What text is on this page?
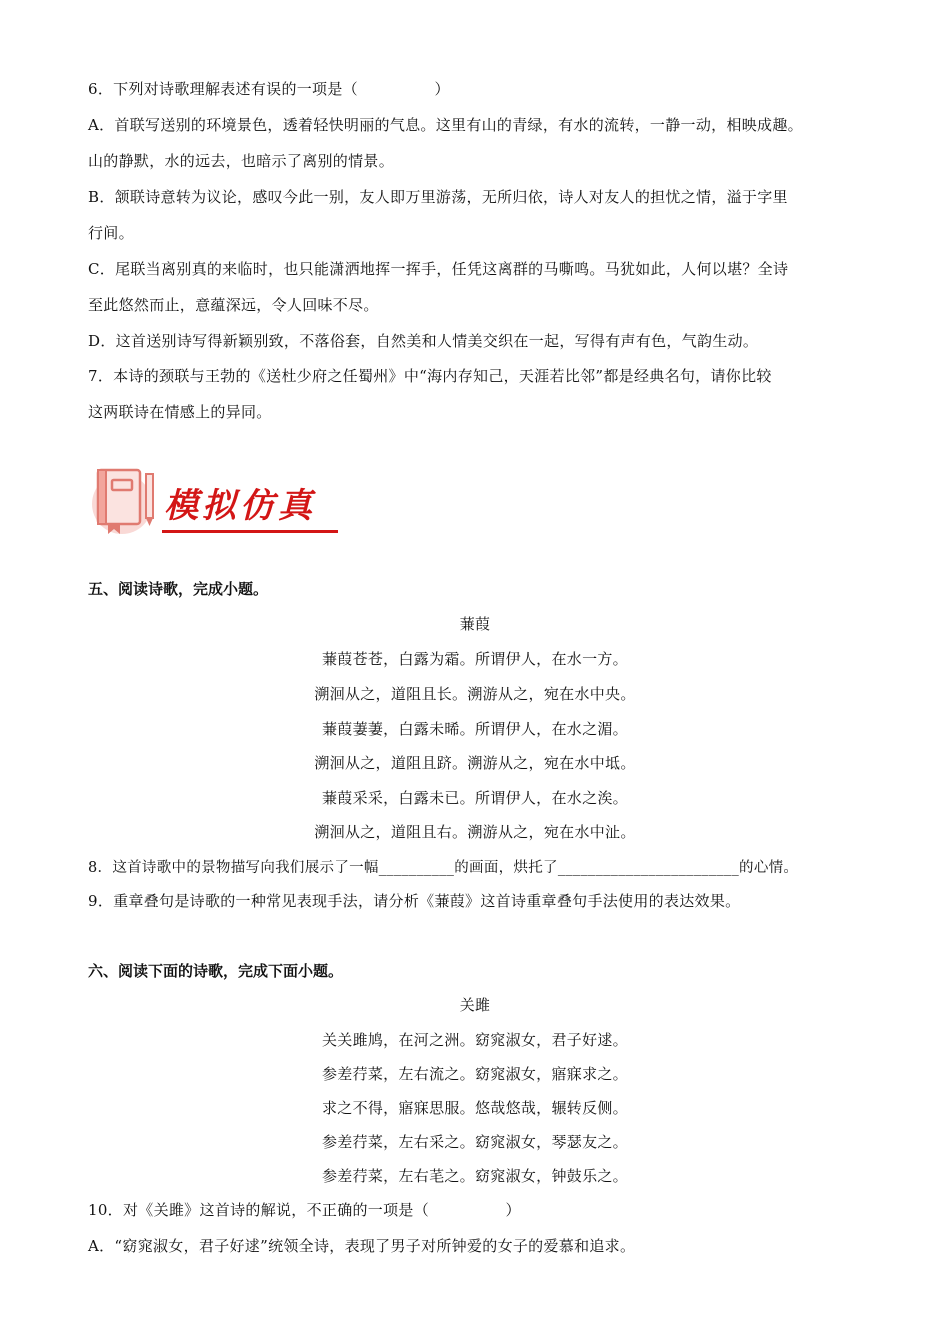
6．下列对诗歌理解表述有误的一项是（　　　　　）
A．首联写送别的环境景色，透着轻快明丽的气息。这里有山的青绿，有水的流转，一静一动，相映成趣。
山的静默，水的远去，也暗示了离别的情景。
B．颔联诗意转为议论，感叹今此一别，友人即万里游荡，无所归依，诗人对友人的担忧之情，溢于字里
行间。
C．尾联当离别真的来临时，也只能潇洒地挥一挥手，任凭这离群的马嘶鸣。马犹如此，人何以堪？全诗
至此悠然而止，意蕴深远，令人回味不尽。
D．这首送别诗写得新颖别致，不落俗套，自然美和人情美交织在一起，写得有声有色，气韵生动。
7．本诗的颈联与王勃的《送杜少府之任蜀州》中“海内存知己，天涯若比邻”都是经典名句，请你比较
这两联诗在情感上的异同。
模拟仿真
五、阅读诗歌，完成小题。
蒹葭
蒹葭苍苍，白露为霜。所谓伊人，在水一方。
溯洄从之，道阻且长。溯游从之，宛在水中央。
蒹葭萋萋，白露未晞。所谓伊人，在水之湄。
溯洄从之，道阻且跻。溯游从之，宛在水中坻。
蒹葭采采，白露未已。所谓伊人，在水之涘。
溯洄从之，道阻且右。溯游从之，宛在水中沚。
8．这首诗歌中的景物描写向我们展示了一幅__________的画面，烘托了________________________的心情。
9．重章叠句是诗歌的一种常见表现手法，请分析《蒹葭》这首诗重章叠句手法使用的表达效果。
六、阅读下面的诗歌，完成下面小题。
关雎
关关雎鸠，在河之洲。窈窕淑女，君子好逑。
参差荇菜，左右流之。窈窕淑女，寤寐求之。
求之不得，寤寐思服。悠哉悠哉，辗转反侧。
参差荇菜，左右采之。窈窕淑女，琴瑟友之。
参差荇菜，左右芼之。窈窕淑女，钟鼓乐之。
10．对《关雎》这首诗的解说，不正确的一项是（　　　　　）
A．“窈窕淑女，君子好逑”统领全诗，表现了男子对所钟爱的女子的爱慕和追求。
